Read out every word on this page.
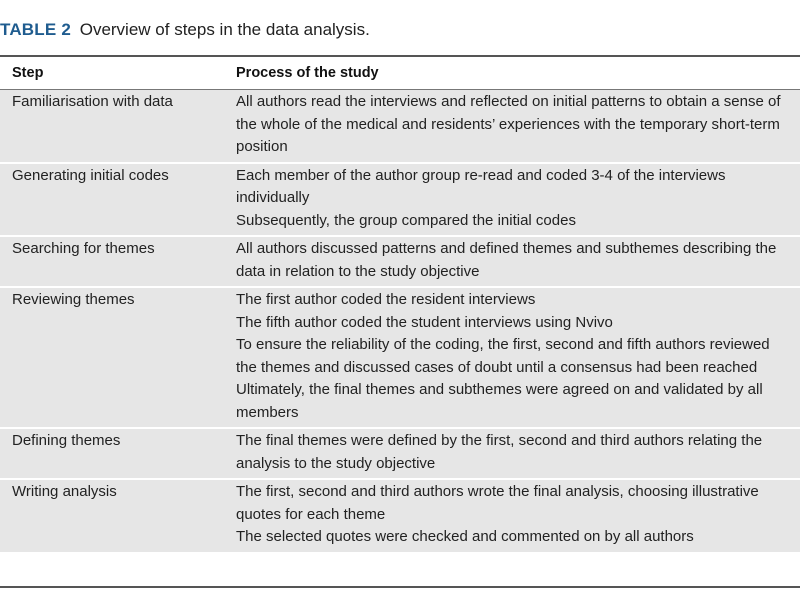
TABLE 2 Overview of steps in the data analysis.
Step	Process of the study
Familiarisation with data	All authors read the interviews and reflected on initial patterns to obtain a sense of the whole of the medical and residents’ experiences with the temporary short-term position
Generating initial codes	Each member of the author group re-read and coded 3-4 of the interviews individually
Subsequently, the group compared the initial codes
Searching for themes	All authors discussed patterns and defined themes and subthemes describing the data in relation to the study objective
Reviewing themes	The first author coded the resident interviews
The fifth author coded the student interviews using Nvivo
To ensure the reliability of the coding, the first, second and fifth authors reviewed the themes and discussed cases of doubt until a consensus had been reached
Ultimately, the final themes and subthemes were agreed on and validated by all members
Defining themes	The final themes were defined by the first, second and third authors relating the analysis to the study objective
Writing analysis	The first, second and third authors wrote the final analysis, choosing illustrative quotes for each theme
The selected quotes were checked and commented on by all authors
